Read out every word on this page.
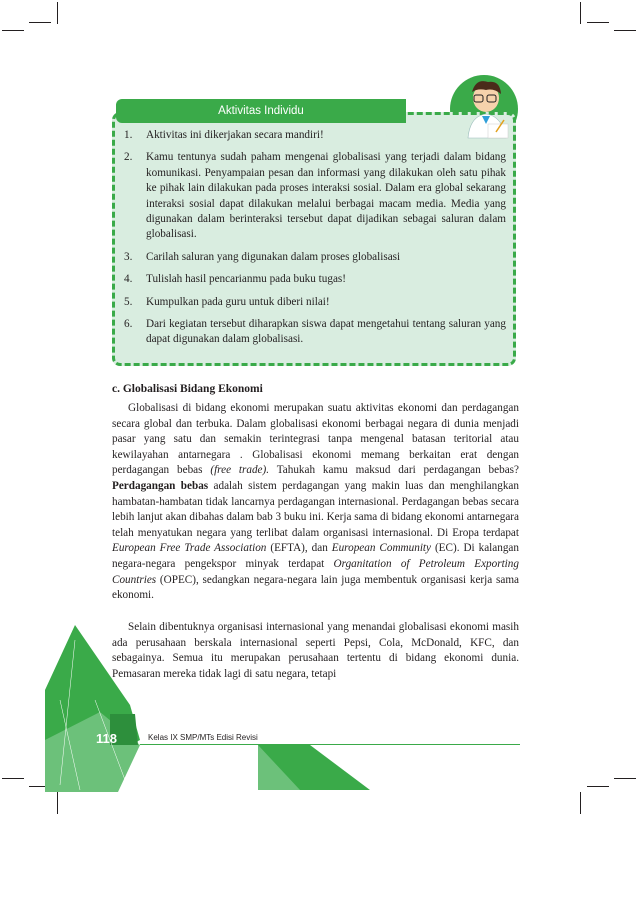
Aktivitas Individu
1.	Aktivitas ini dikerjakan secara mandiri!
2.	Kamu tentunya sudah paham mengenai globalisasi yang terjadi dalam bidang komunikasi. Penyampaian pesan dan informasi yang dilakukan oleh satu pihak ke pihak lain dilakukan pada proses interaksi sosial. Dalam era global sekarang interaksi sosial dapat dilakukan melalui berbagai macam media. Media yang digunakan dalam berinteraksi tersebut dapat dijadikan sebagai saluran dalam globalisasi.
3.	Carilah saluran yang digunakan dalam proses globalisasi
4.	Tulislah hasil pencarianmu pada buku tugas!
5.	Kumpulkan pada guru untuk diberi nilai!
6.	Dari kegiatan tersebut diharapkan siswa dapat mengetahui tentang saluran yang dapat digunakan dalam globalisasi.
c. Globalisasi Bidang Ekonomi

Globalisasi di bidang ekonomi merupakan suatu aktivitas ekonomi dan perdagangan secara global dan terbuka. Dalam globalisasi ekonomi berbagai negara di dunia menjadi pasar yang satu dan semakin terintegrasi tanpa mengenal batasan teritorial atau kewilayahan antarnegara . Globalisasi ekonomi memang berkaitan erat dengan perdagangan bebas (free trade). Tahukah kamu maksud dari perdagangan bebas? Perdagangan bebas adalah sistem perdagangan yang makin luas dan menghilangkan hambatan-hambatan tidak lancarnya perdagangan internasional. Perdagangan bebas secara lebih lanjut akan dibahas dalam bab 3 buku ini. Kerja sama di bidang ekonomi antarnegara telah menyatukan negara yang terlibat dalam organisasi internasional. Di Eropa terdapat European Free Trade Association (EFTA), dan European Community (EC). Di kalangan negara-negara pengekspor minyak terdapat Organitation of Petroleum Exporting Countries (OPEC), sedangkan negara-negara lain juga membentuk organisasi kerja sama ekonomi.

Selain dibentuknya organisasi internasional yang menandai globalisasi ekonomi masih ada perusahaan berskala internasional seperti Pepsi, Cola, McDonald, KFC, dan sebagainya. Semua itu merupakan perusahaan tertentu di bidang ekonomi dunia. Pemasaran mereka tidak lagi di satu negara, tetapi

118	Kelas IX SMP/MTs Edisi Revisi
